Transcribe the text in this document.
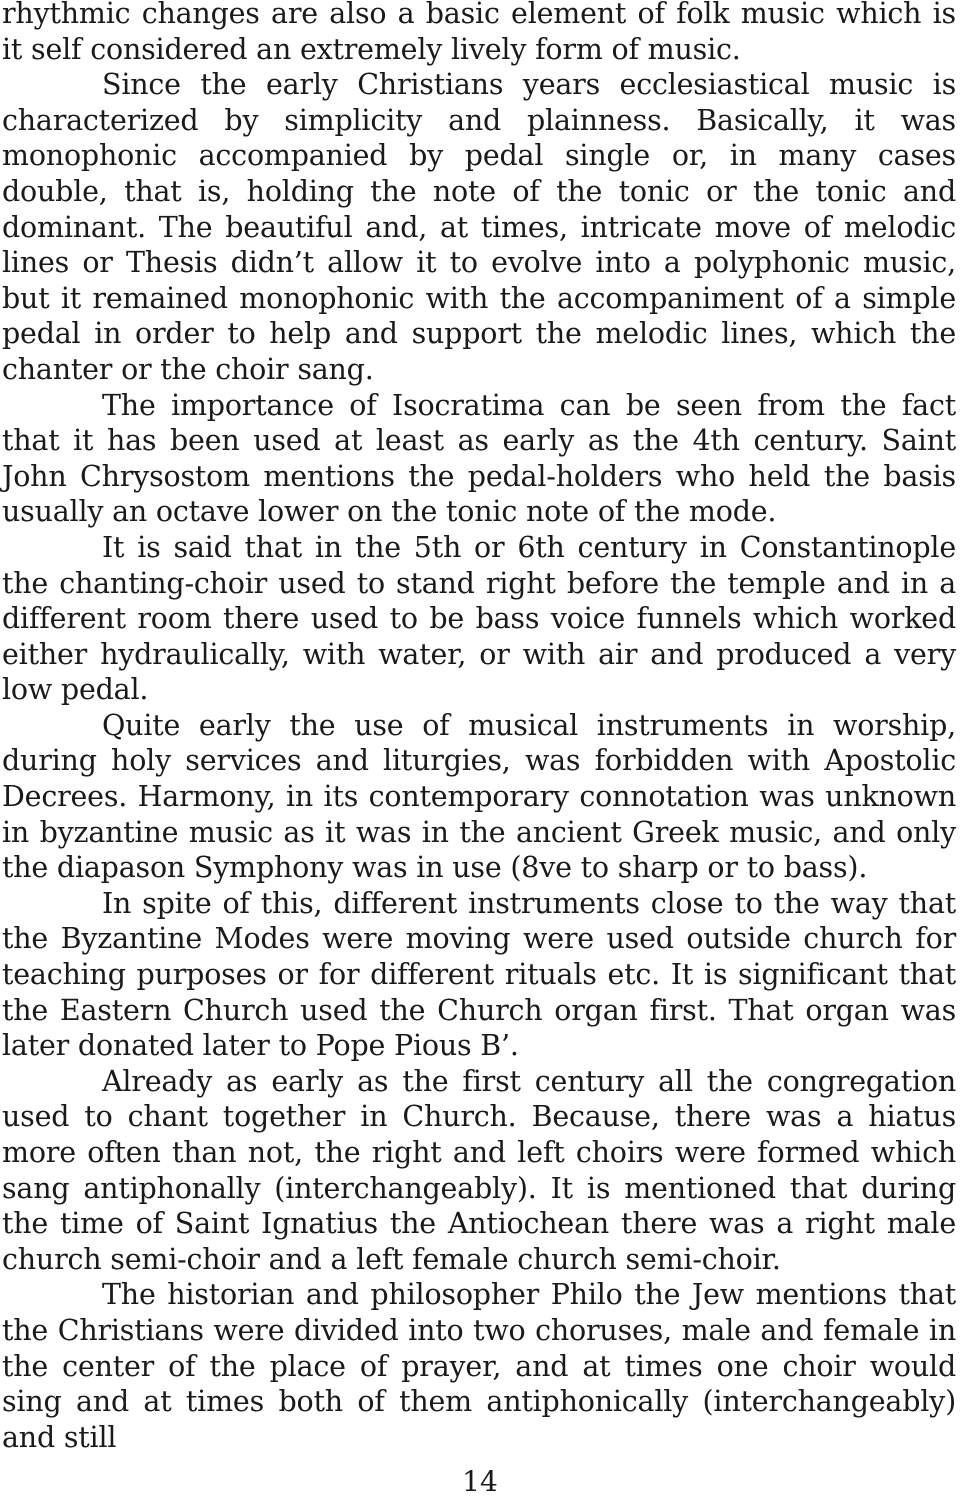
rhythmic changes are also a basic element of folk music which is it self considered an extremely lively form of music.

Since the early Christians years ecclesiastical music is characterized by simplicity and plainness. Basically, it was monophonic accompanied by pedal single or, in many cases double, that is, holding the note of the tonic or the tonic and dominant. The beautiful and, at times, intricate move of melodic lines or Thesis didn’t allow it to evolve into a polyphonic music, but it remained monophonic with the accompaniment of a simple pedal in order to help and support the melodic lines, which the chanter or the choir sang.

The importance of Isocratima can be seen from the fact that it has been used at least as early as the 4th century. Saint John Chrysostom mentions the pedal-holders who held the basis usually an octave lower on the tonic note of the mode.

It is said that in the 5th or 6th century in Constantinople the chanting-choir used to stand right before the temple and in a different room there used to be bass voice funnels which worked either hydraulically, with water, or with air and produced a very low pedal.

Quite early the use of musical instruments in worship, during holy services and liturgies, was forbidden with Apostolic Decrees. Harmony, in its contemporary connotation was unknown in byzantine music as it was in the ancient Greek music, and only the diapason Symphony was in use (8ve to sharp or to bass).

In spite of this, different instruments close to the way that the Byzantine Modes were moving were used outside church for teaching purposes or for different rituals etc. It is significant that the Eastern Church used the Church organ first. That organ was later donated later to Pope Pious B’.

Already as early as the first century all the congregation used to chant together in Church. Because, there was a hiatus more often than not, the right and left choirs were formed which sang antiphonally (interchangeably). It is mentioned that during the time of Saint Ignatius the Antiochean there was a right male church semi-choir and a left female church semi-choir.

The historian and philosopher Philo the Jew mentions that the Christians were divided into two choruses, male and female in the center of the place of prayer, and at times one choir would sing and at times both of them antiphonically (interchangeably) and still

14
